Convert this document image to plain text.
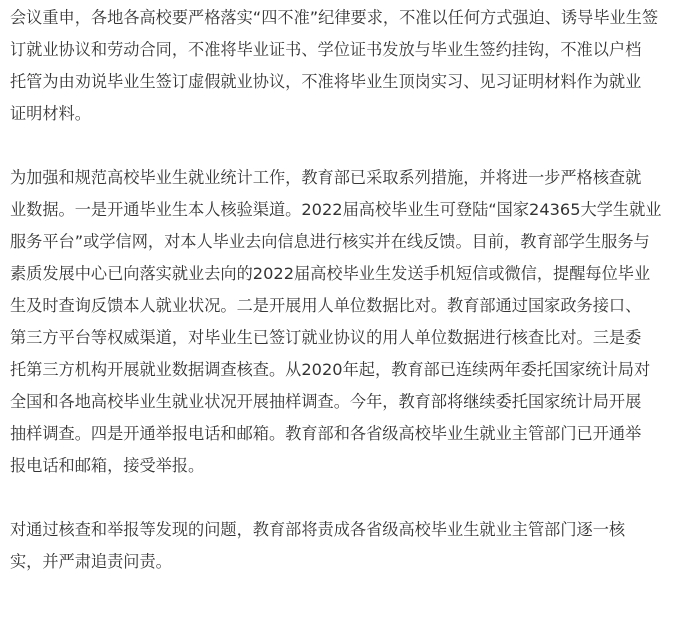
会议重申，各地各高校要严格落实“四不准”纪律要求，不准以任何方式强迫、诱导毕业生签
订就业协议和劳动合同，不准将毕业证书、学位证书发放与毕业生签约挂钩，不准以户档
托管为由劝说毕业生签订虚假就业协议，不准将毕业生顶岗实习、见习证明材料作为就业
证明材料。
为加强和规范高校毕业生就业统计工作，教育部已采取系列措施，并将进一步严格核查就
业数据。一是开通毕业生本人核验渠道。2022届高校毕业生可登陆“国家24365大学生就业
服务平台”或学信网，对本人毕业去向信息进行核实并在线反馈。目前，教育部学生服务与
素质发展中心已向落实就业去向的2022届高校毕业生发送手机短信或微信，提醒每位毕业
生及时查询反馈本人就业状况。二是开展用人单位数据比对。教育部通过国家政务接口、
第三方平台等权威渠道，对毕业生已签订就业协议的用人单位数据进行核查比对。三是委
托第三方机构开展就业数据调查核查。从2020年起，教育部已连续两年委托国家统计局对
全国和各地高校毕业生就业状况开展抽样调查。今年，教育部将继续委托国家统计局开展
抽样调查。四是开通举报电话和邮箱。教育部和各省级高校毕业生就业主管部门已开通举
报电话和邮箱，接受举报。
对通过核查和举报等发现的问题，教育部将责成各省级高校毕业生就业主管部门逐一核
实，并严肃追责问责。
